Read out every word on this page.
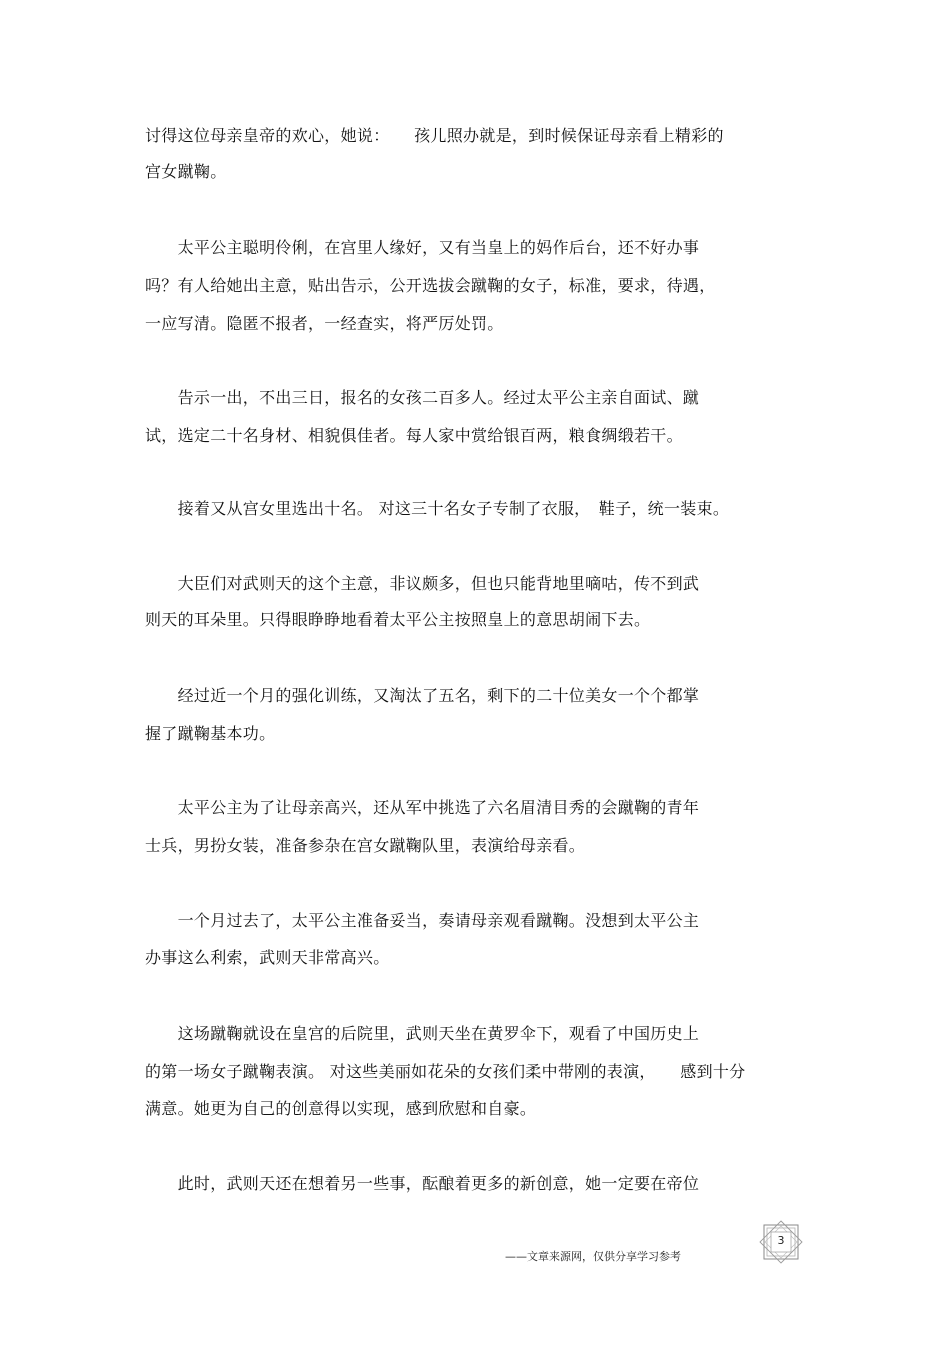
讨得这位母亲皇帝的欢心，她说：　　孩儿照办就是，到时候保证母亲看上精彩的
宫女蹴鞠。
　　太平公主聪明伶俐，在宫里人缘好，又有当皇上的妈作后台，还不好办事
吗？有人给她出主意，贴出告示，公开选拔会蹴鞠的女子，标准，要求，待遇，
一应写清。隐匿不报者，一经查实，将严厉处罚。
　　告示一出，不出三日，报名的女孩二百多人。经过太平公主亲自面试、蹴
试，选定二十名身材、相貌俱佳者。每人家中赏给银百两，粮食绸缎若干。
　　接着又从宫女里选出十名。 对这三十名女子专制了衣服，　鞋子，统一装束。
　　大臣们对武则天的这个主意，非议颇多，但也只能背地里嘀咕，传不到武
则天的耳朵里。只得眼睁睁地看着太平公主按照皇上的意思胡闹下去。
　　经过近一个月的强化训练，又淘汰了五名，剩下的二十位美女一个个都掌
握了蹴鞠基本功。
　　太平公主为了让母亲高兴，还从军中挑选了六名眉清目秀的会蹴鞠的青年
士兵，男扮女装，准备参杂在宫女蹴鞠队里，表演给母亲看。
　　一个月过去了，太平公主准备妥当，奏请母亲观看蹴鞠。没想到太平公主
办事这么利索，武则天非常高兴。
　　这场蹴鞠就设在皇宫的后院里，武则天坐在黄罗伞下，观看了中国历史上
的第一场女子蹴鞠表演。 对这些美丽如花朵的女孩们柔中带刚的表演，　　感到十分
满意。她更为自己的创意得以实现，感到欣慰和自豪。
　　此时，武则天还在想着另一些事，酝酿着更多的新创意，她一定要在帝位
——文章来源网，仅供分享学习参考
3
